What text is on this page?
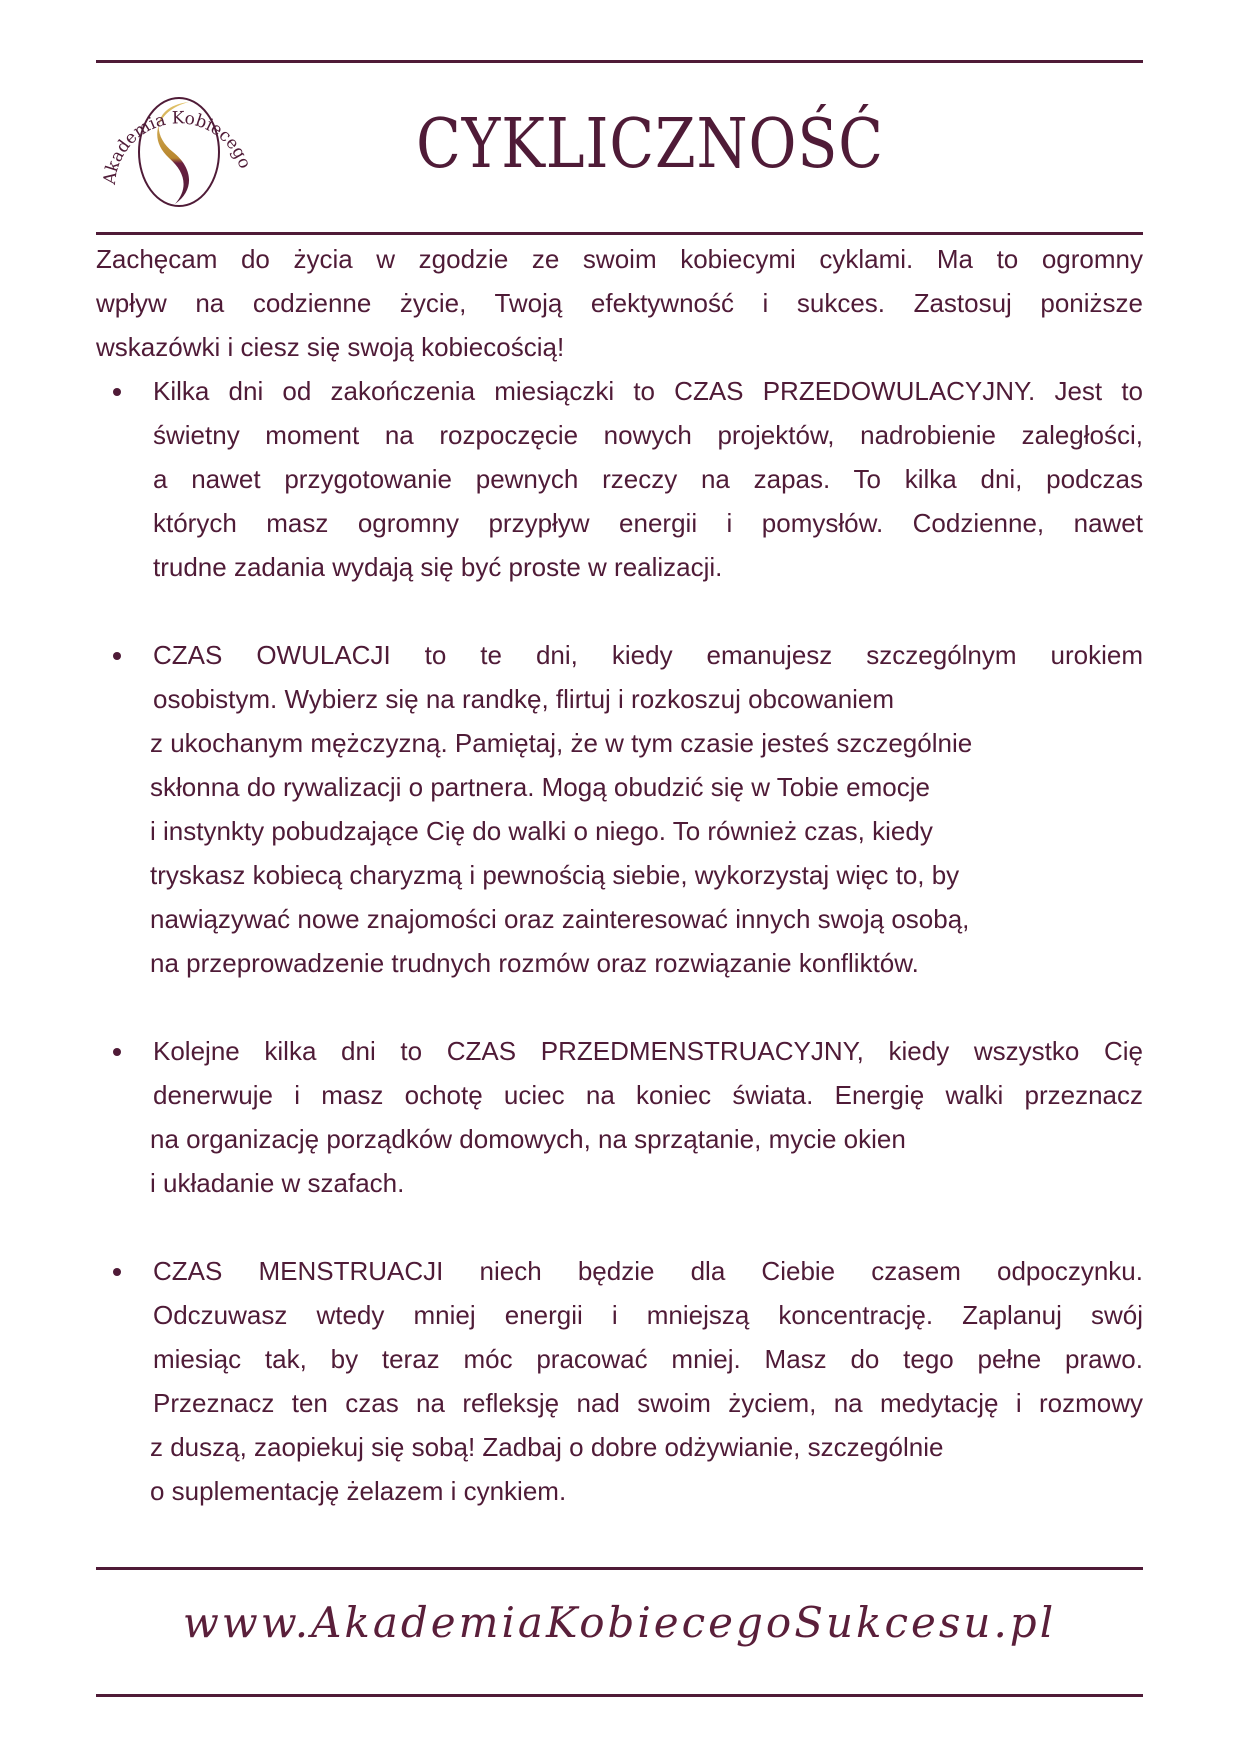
Akademia Kobiecego	CYKLICZNOŚĆ
Zachęcam do życia w zgodzie ze swoim kobiecymi cyklami. Ma to ogromny
wpływ na codzienne życie, Twoją efektywność i sukces. Zastosuj poniższe
wskazówki i ciesz się swoją kobiecością!
Kilka dni od zakończenia miesiączki to CZAS PRZEDOWULACYJNY. Jest to
świetny moment na rozpoczęcie nowych projektów, nadrobienie zaległości,
a nawet przygotowanie pewnych rzeczy na zapas. To kilka dni, podczas
których masz ogromny przypływ energii i pomysłów. Codzienne, nawet
trudne zadania wydają się być proste w realizacji.
CZAS OWULACJI to te dni, kiedy emanujesz szczególnym urokiem
osobistym. Wybierz się na randkę, flirtuj i rozkoszuj obcowaniem
z ukochanym mężczyzną. Pamiętaj, że w tym czasie jesteś szczególnie
skłonna do rywalizacji o partnera. Mogą obudzić się w Tobie emocje
i instynkty pobudzające Cię do walki o niego. To również czas, kiedy
tryskasz kobiecą charyzmą i pewnością siebie, wykorzystaj więc to, by
nawiązywać nowe znajomości oraz zainteresować innych swoją osobą,
na przeprowadzenie trudnych rozmów oraz rozwiązanie konfliktów.
Kolejne kilka dni to CZAS PRZEDMENSTRUACYJNY, kiedy wszystko Cię
denerwuje i masz ochotę uciec na koniec świata. Energię walki przeznacz
na organizację porządków domowych, na sprzątanie, mycie okien
i układanie w szafach.
CZAS MENSTRUACJI niech będzie dla Ciebie czasem odpoczynku.
Odczuwasz wtedy mniej energii i mniejszą koncentrację. Zaplanuj swój
miesiąc tak, by teraz móc pracować mniej. Masz do tego pełne prawo.
Przeznacz ten czas na refleksję nad swoim życiem, na medytację i rozmowy
z duszą, zaopiekuj się sobą! Zadbaj o dobre odżywianie, szczególnie
o suplementację żelazem i cynkiem.
www.AkademiaKobiecegoSukcesu.pl
